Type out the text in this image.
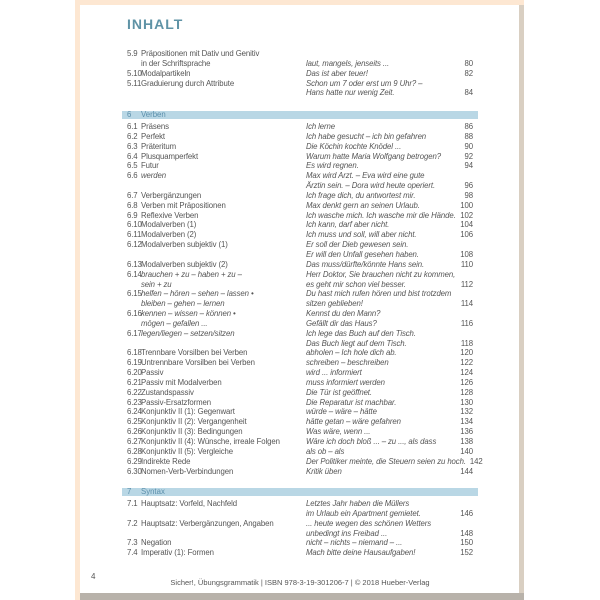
INHALT
5.9 Präpositionen mit Dativ und Genitiv
in der Schriftsprache	laut, mangels, jenseits ...	80
5.10 Modalpartikeln	Das ist aber teuer!	82
5.11 Graduierung durch Attribute	Schon um 7 oder erst um 9 Uhr? –
Hans hatte nur wenig Zeit.	84
6	Verben
6.1 Präsens	Ich lerne	86
6.2 Perfekt	Ich habe gesucht – ich bin gefahren	88
6.3 Präteritum	Die Köchin kochte Knödel ...	90
6.4 Plusquamperfekt	Warum hatte Maria Wolfgang betrogen?	92
6.5 Futur	Es wird regnen.	94
6.6 werden	Max wird Arzt. – Eva wird eine gute
Ärztin sein. – Dora wird heute operiert.	96
6.7 Verbergänzungen	Ich frage dich, du antwortest mir.	98
6.8 Verben mit Präpositionen	Max denkt gern an seinen Urlaub.	100
6.9 Reflexive Verben	Ich wasche mich. Ich wasche mir die Hände. 102
6.10 Modalverben (1)	Ich kann, darf aber nicht.	104
6.11 Modalverben (2)	Ich muss und soll, will aber nicht.	106
6.12 Modalverben subjektiv (1)	Er soll der Dieb gewesen sein.
Er will den Unfall gesehen haben.	108
6.13 Modalverben subjektiv (2)	Das muss/dürfte/könnte Hans sein.	110
6.14 brauchen + zu – haben + zu –	Herr Doktor, Sie brauchen nicht zu kommen,
sein + zu	es geht mir schon viel besser.	112
6.15 helfen – hören – sehen – lassen •	Du hast mich rufen hören und bist trotzdem
bleiben – gehen – lernen	sitzen geblieben!	114
6.16 kennen – wissen – können •	Kennst du den Mann?
mögen – gefallen ...	Gefällt dir das Haus?	116
6.17 legen/liegen – setzen/sitzen	Ich lege das Buch auf den Tisch.
Das Buch liegt auf dem Tisch.	118
6.18 Trennbare Vorsilben bei Verben	abholen – Ich hole dich ab.	120
6.19 Untrennbare Vorsilben bei Verben	schreiben – beschreiben	122
6.20 Passiv	wird ... informiert	124
6.21 Passiv mit Modalverben	muss informiert werden	126
6.22 Zustandspassiv	Die Tür ist geöffnet.	128
6.23 Passiv-Ersatzformen	Die Reparatur ist machbar.	130
6.24 Konjunktiv II (1): Gegenwart	würde – wäre – hätte	132
6.25 Konjunktiv II (2): Vergangenheit	hätte getan – wäre gefahren	134
6.26 Konjunktiv II (3): Bedingungen	Was wäre, wenn ...	136
6.27 Konjunktiv II (4): Wünsche, irreale Folgen	Wäre ich doch bloß ... – zu ..., als dass	138
6.28 Konjunktiv II (5): Vergleiche	als ob – als	140
6.29 Indirekte Rede	Der Politiker meinte, die Steuern seien zu hoch. 142
6.30 Nomen-Verb-Verbindungen	Kritik üben	144
7	Syntax
7.1 Hauptsatz: Vorfeld, Nachfeld	Letztes Jahr haben die Müllers
im Urlaub ein Apartment gemietet.	146
7.2 Hauptsatz: Verbergänzungen, Angaben	... heute wegen des schönen Wetters
unbedingt ins Freibad ...	148
7.3 Negation	nicht – nichts – niemand – ...	150
7.4 Imperativ (1): Formen	Mach bitte deine Hausaufgaben!	152
4
Sicher!, Übungsgrammatik | ISBN 978-3-19-301206-7 | © 2018 Hueber-Verlag
